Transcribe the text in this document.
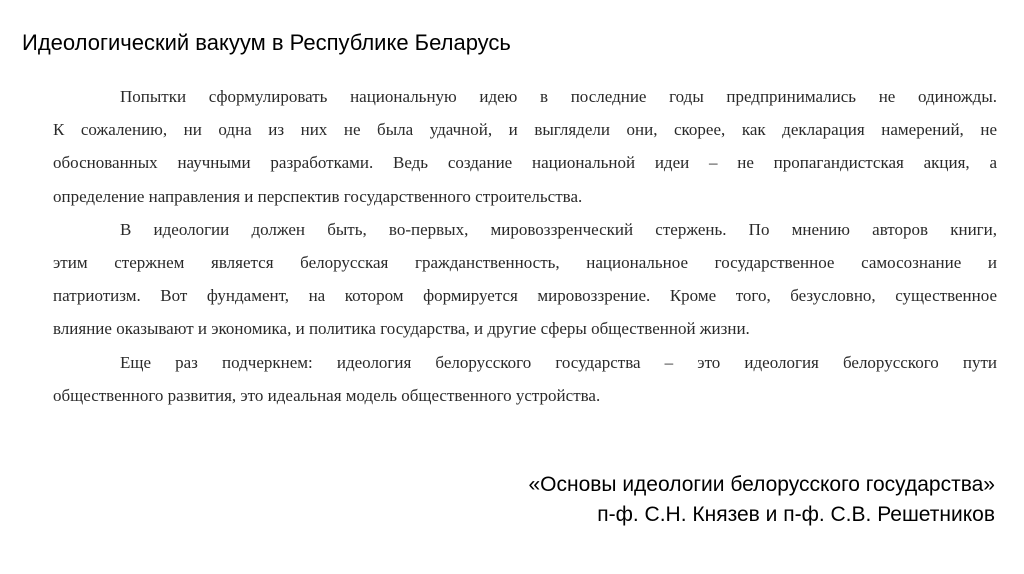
Идеологический вакуум в Республике Беларусь
Попытки сформулировать национальную идею в последние годы предпринимались не одиножды.
К сожалению, ни одна из них не была удачной, и выглядели они, скорее, как декларация намерений, не
обоснованных научными разработками. Ведь создание национальной идеи – не пропагандистская акция, а
определение направления и перспектив государственного строительства.
В идеологии должен быть, во-первых, мировоззренческий стержень. По мнению авторов книги,
этим стержнем является белорусская гражданственность, национальное государственное самосознание и
патриотизм. Вот фундамент, на котором формируется мировоззрение. Кроме того, безусловно, существенное
влияние оказывают и экономика, и политика государства, и другие сферы общественной жизни.
Еще раз подчеркнем: идеология белорусского государства – это идеология белорусского пути
общественного развития, это идеальная модель общественного устройства.
«Основы идеологии белорусского государства»
п-ф. С.Н. Князев и п-ф. С.В. Решетников
